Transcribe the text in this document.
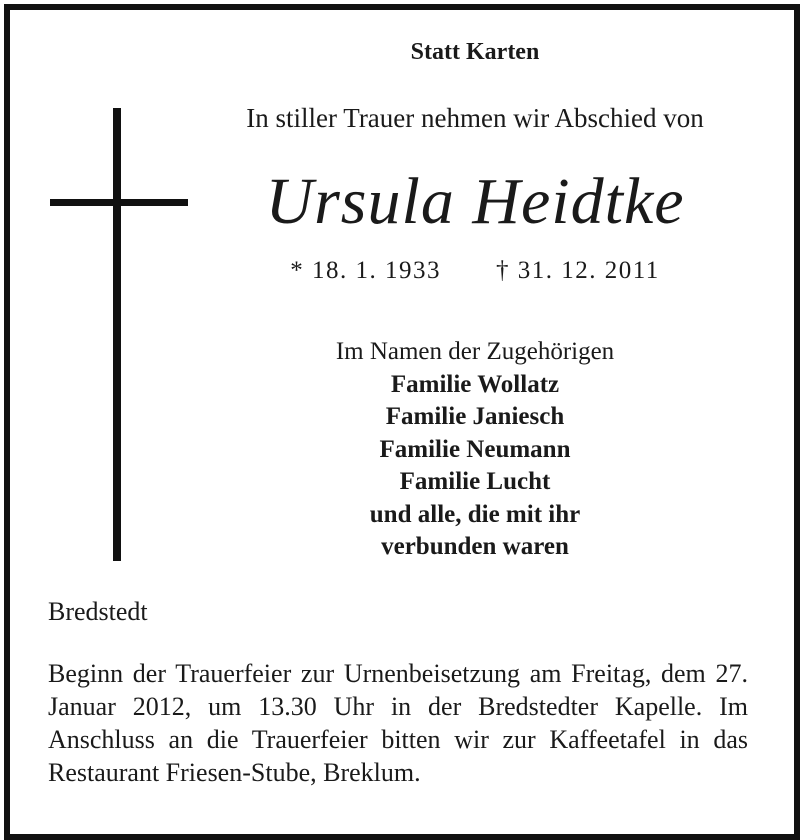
Statt Karten
In stiller Trauer nehmen wir Abschied von
Ursula Heidtke
* 18. 1. 1933 † 31. 12. 2011
Im Namen der Zugehörigen
Familie Wollatz
Familie Janiesch
Familie Neumann
Familie Lucht
und alle, die mit ihr
verbunden waren
Bredstedt
Beginn der Trauerfeier zur Urnenbeisetzung am Freitag, dem 27. Januar 2012, um 13.30 Uhr in der Bredstedter Kapelle. Im Anschluss an die Trauerfeier bitten wir zur Kaffeetafel in das Restaurant Friesen-Stube, Breklum.
